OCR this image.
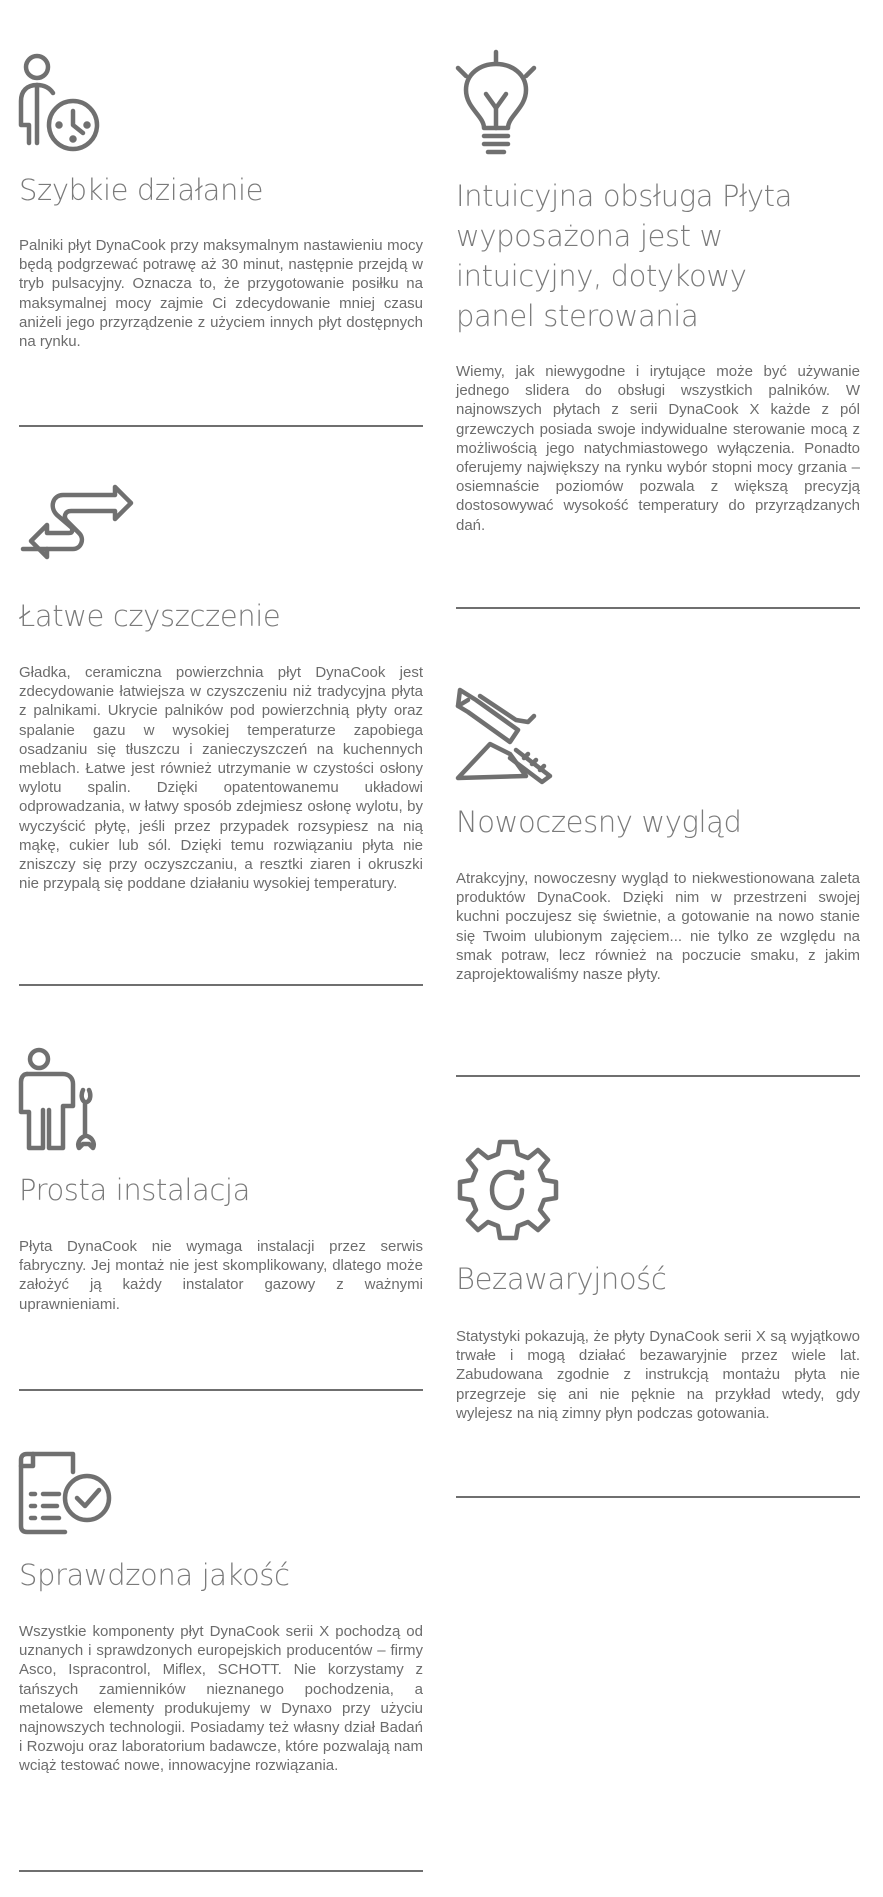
Szybkie działanie

Palniki płyt DynaCook przy maksymalnym nastawieniu mocy będą podgrzewać potrawę aż 30 minut, następnie przejdą w tryb pulsacyjny. Oznacza to, że przygotowanie posiłku na maksymalnej mocy zajmie Ci zdecydowanie mniej czasu aniżeli jego przyrządzenie z użyciem innych płyt dostępnych na rynku.

Łatwe czyszczenie

Gładka, ceramiczna powierzchnia płyt DynaCook jest zdecydowanie łatwiejsza w czyszczeniu niż tradycyjna płyta z palnikami. Ukrycie palników pod powierzchnią płyty oraz spalanie gazu w wysokiej temperaturze zapobiega osadzaniu się tłuszczu i zanieczyszczeń na kuchennych meblach. Łatwe jest również utrzymanie w czystości osłony wylotu spalin. Dzięki opatentowanemu układowi odprowadzania, w łatwy sposób zdejmiesz osłonę wylotu, by wyczyścić płytę, jeśli przez przypadek rozsypiesz na nią mąkę, cukier lub sól. Dzięki temu rozwiązaniu płyta nie zniszczy się przy oczyszczaniu, a resztki ziaren i okruszki nie przypalą się poddane działaniu wysokiej temperatury.

Prosta instalacja

Płyta DynaCook nie wymaga instalacji przez serwis fabryczny. Jej montaż nie jest skomplikowany, dlatego może założyć ją każdy instalator gazowy z ważnymi uprawnieniami.

Sprawdzona jakość

Wszystkie komponenty płyt DynaCook serii X pochodzą od uznanych i sprawdzonych europejskich producentów – firmy Asco, Ispracontrol, Miflex, SCHOTT. Nie korzystamy z tańszych zamienników nieznanego pochodzenia, a metalowe elementy produkujemy w Dynaxo przy użyciu najnowszych technologii. Posiadamy też własny dział Badań i Rozwoju oraz laboratorium badawcze, które pozwalają nam wciąż testować nowe, innowacyjne rozwiązania.

Intuicyjna obsługa Płyta wyposażona jest w intuicyjny, dotykowy panel sterowania

Wiemy, jak niewygodne i irytujące może być używanie jednego slidera do obsługi wszystkich palników. W najnowszych płytach z serii DynaCook X każde z pól grzewczych posiada swoje indywidualne sterowanie mocą z możliwością jego natychmiastowego wyłączenia. Ponadto oferujemy największy na rynku wybór stopni mocy grzania – osiemnaście poziomów pozwala z większą precyzją dostosowywać wysokość temperatury do przyrządzanych dań.

Nowoczesny wygląd

Atrakcyjny, nowoczesny wygląd to niekwestionowana zaleta produktów DynaCook. Dzięki nim w przestrzeni swojej kuchni poczujesz się świetnie, a gotowanie na nowo stanie się Twoim ulubionym zajęciem... nie tylko ze względu na smak potraw, lecz również na poczucie smaku, z jakim zaprojektowaliśmy nasze płyty.

Bezawaryjność

Statystyki pokazują, że płyty DynaCook serii X są wyjątkowo trwałe i mogą działać bezawaryjnie przez wiele lat. Zabudowana zgodnie z instrukcją montażu płyta nie przegrzeje się ani nie pęknie na przykład wtedy, gdy wylejesz na nią zimny płyn podczas gotowania.
